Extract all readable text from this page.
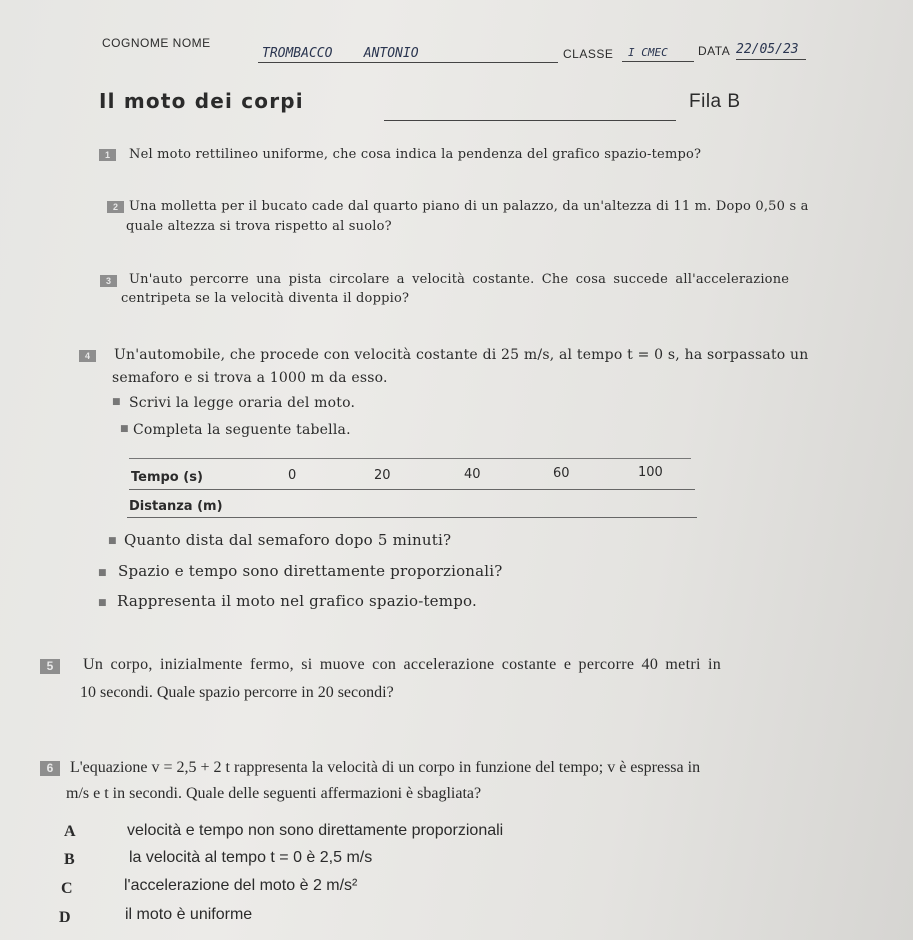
COGNOME NOME
TROMBACCO    ANTONIO	CLASSE I CMEC	DATA 22/05/23
Il moto dei corpi	Fila B
1	Nel moto rettilineo uniforme, che cosa indica la pendenza del grafico spazio-tempo?
2 Una molletta per il bucato cade dal quarto piano di un palazzo, da un'altezza di 11 m. Dopo 0,50 s a
quale altezza si trova rispetto al suolo?
3	Un'auto percorre una pista circolare a velocità costante. Che cosa succede all'accelerazione
centripeta se la velocità diventa il doppio?
4	Un'automobile, che procede con velocità costante di 25 m/s, al tempo t = 0 s, ha sorpassato un
semaforo e si trova a 1000 m da esso.
■ Scrivi la legge oraria del moto.
■ Completa la seguente tabella.
Tempo (s)	0	20	40	60	100
Distanza (m)
■ Quanto dista dal semaforo dopo 5 minuti?
■ Spazio e tempo sono direttamente proporzionali?
■ Rappresenta il moto nel grafico spazio-tempo.
5	Un corpo, inizialmente fermo, si muove con accelerazione costante e percorre 40 metri in
10 secondi. Quale spazio percorre in 20 secondi?
6	L'equazione v = 2,5 + 2 t rappresenta la velocità di un corpo in funzione del tempo; v è espressa in
m/s e t in secondi. Quale delle seguenti affermazioni è sbagliata?
A	velocità e tempo non sono direttamente proporzionali
B	la velocità al tempo t = 0 è 2,5 m/s
C	l'accelerazione del moto è 2 m/s²
D	il moto è uniforme
